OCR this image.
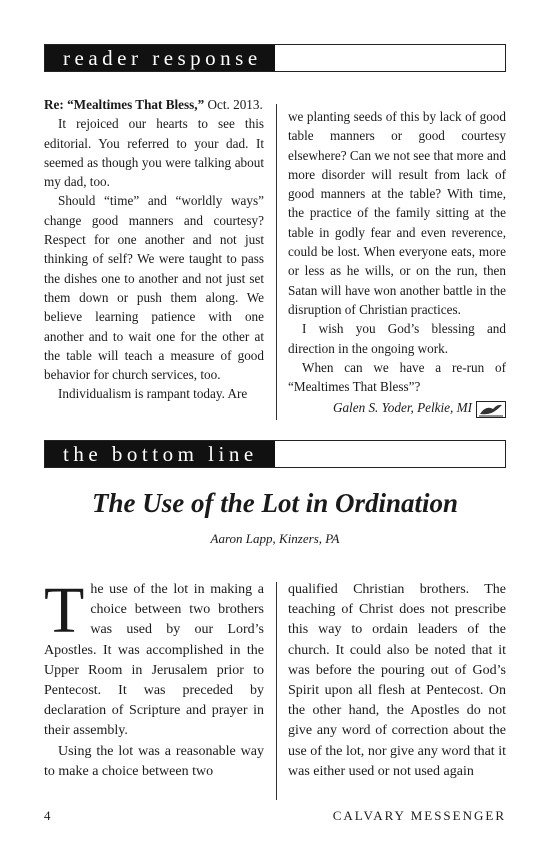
reader response

Re: “Mealtimes That Bless,” Oct. 2013.

It rejoiced our hearts to see this editorial. You referred to your dad. It seemed as though you were talking about my dad, too.

Should “time” and “worldly ways” change good manners and courtesy? Respect for one another and not just thinking of self? We were taught to pass the dishes one to another and not just set them down or push them along. We believe learning patience with one another and to wait one for the other at the table will teach a measure of good behavior for church services, too.

Individualism is rampant today. Are

we planting seeds of this by lack of good table manners or good courtesy elsewhere? Can we not see that more and more disorder will result from lack of good manners at the table? With time, the practice of the family sitting at the table in godly fear and even reverence, could be lost. When everyone eats, more or less as he wills, or on the run, then Satan will have won another battle in the disruption of Christian practices.

I wish you God’s blessing and direction in the ongoing work.

When can we have a re-run of “Mealtimes That Bless”?

Galen S. Yoder, Pelkie, MI
the bottom line
The Use of the Lot in Ordination
Aaron Lapp, Kinzers, PA

The use of the lot in making a choice between two brothers was used by our Lord’s Apostles. It was accomplished in the Upper Room in Jerusalem prior to Pentecost. It was preceded by declaration of Scripture and prayer in their assembly.

Using the lot was a reasonable way to make a choice between two

qualified Christian brothers. The teaching of Christ does not prescribe this way to ordain leaders of the church. It could also be noted that it was before the pouring out of God’s Spirit upon all flesh at Pentecost. On the other hand, the Apostles do not give any word of correction about the use of the lot, nor give any word that it was either used or not used again

4	CALVARY MESSENGER
